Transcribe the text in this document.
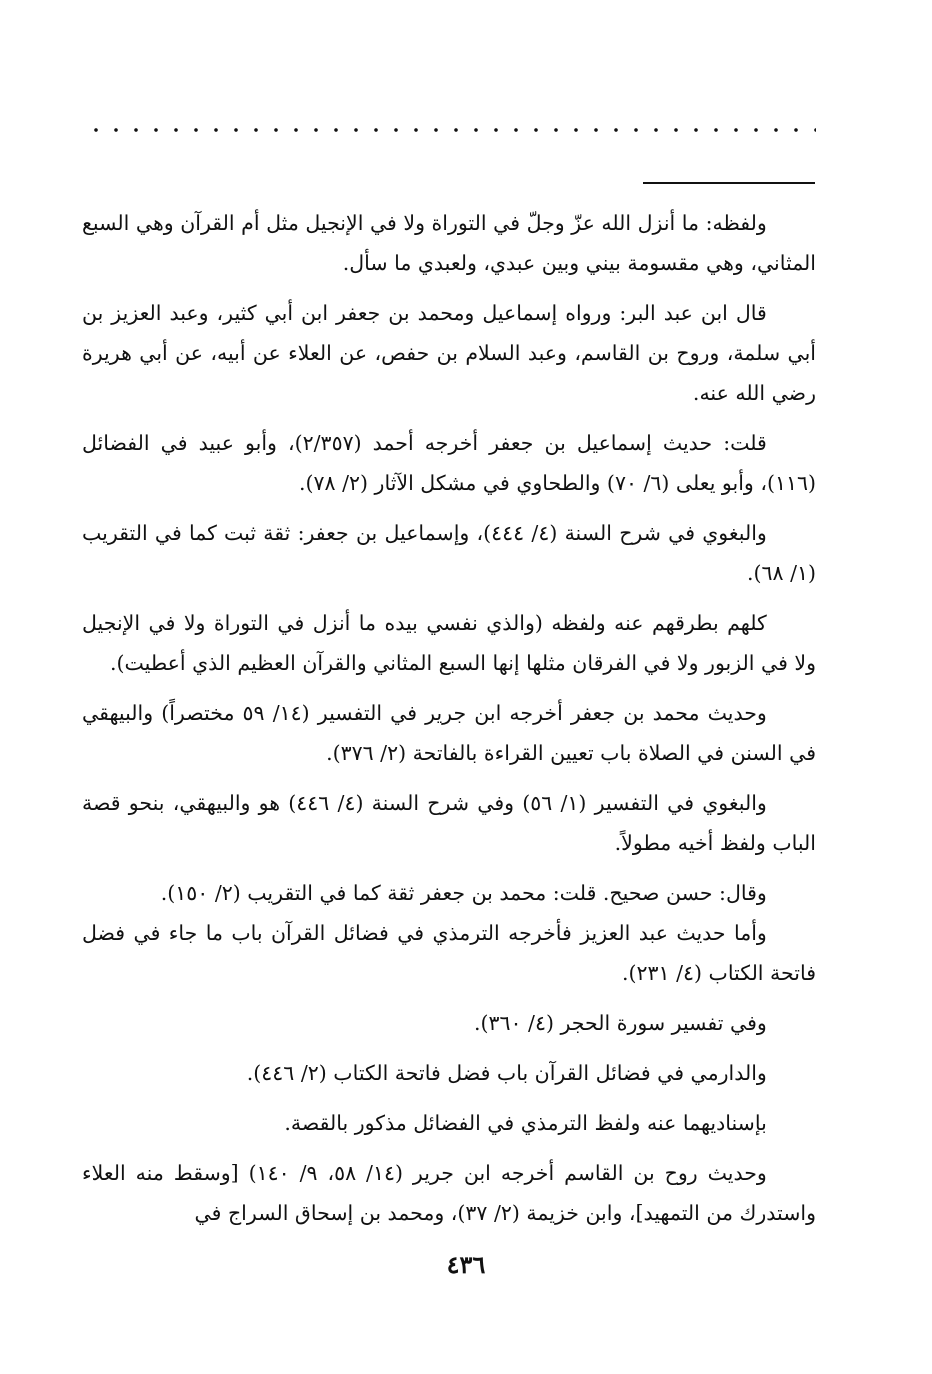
ولفظه: ما أنزل الله عزّ وجلّ في التوراة ولا في الإنجيل مثل أم القرآن وهي السبع المثاني، وهي مقسومة بيني وبين عبدي، ولعبدي ما سأل.

قال ابن عبد البر: ورواه إسماعيل ومحمد بن جعفر ابن أبي كثير، وعبد العزيز بن أبي سلمة، وروح بن القاسم، وعبد السلام بن حفص، عن العلاء عن أبيه، عن أبي هريرة رضي الله عنه.

قلت: حديث إسماعيل بن جعفر أخرجه أحمد (٢/٣٥٧)، وأبو عبيد في الفضائل (١١٦)، وأبو يعلى (٦/ ٧٠) والطحاوي في مشكل الآثار (٢/ ٧٨).

والبغوي في شرح السنة (٤/ ٤٤٤)، وإسماعيل بن جعفر: ثقة ثبت كما في التقريب (١/ ٦٨).

كلهم بطرقهم عنه ولفظه (والذي نفسي بيده ما أنزل في التوراة ولا في الإنجيل ولا في الزبور ولا في الفرقان مثلها إنها السبع المثاني والقرآن العظيم الذي أعطيت).

وحديث محمد بن جعفر أخرجه ابن جرير في التفسير (١٤/ ٥٩ مختصراً) والبيهقي في السنن في الصلاة باب تعيين القراءة بالفاتحة (٢/ ٣٧٦).

والبغوي في التفسير (١/ ٥٦) وفي شرح السنة (٤/ ٤٤٦) هو والبيهقي، بنحو قصة الباب ولفظ أخيه مطولاً.

وقال: حسن صحيح. قلت: محمد بن جعفر ثقة كما في التقريب (٢/ ١٥٠).

وأما حديث عبد العزيز فأخرجه الترمذي في فضائل القرآن باب ما جاء في فضل فاتحة الكتاب (٤/ ٢٣١).

وفي تفسير سورة الحجر (٤/ ٣٦٠).

والدارمي في فضائل القرآن باب فضل فاتحة الكتاب (٢/ ٤٤٦).

بإسناديهما عنه ولفظ الترمذي في الفضائل مذكور بالقصة.

وحديث روح بن القاسم أخرجه ابن جرير (١٤/ ٥٨، ٩/ ١٤٠) [وسقط منه العلاء واستدرك من التمهيد]، وابن خزيمة (٢/ ٣٧)، ومحمد بن إسحاق السراج في

٤٣٦
